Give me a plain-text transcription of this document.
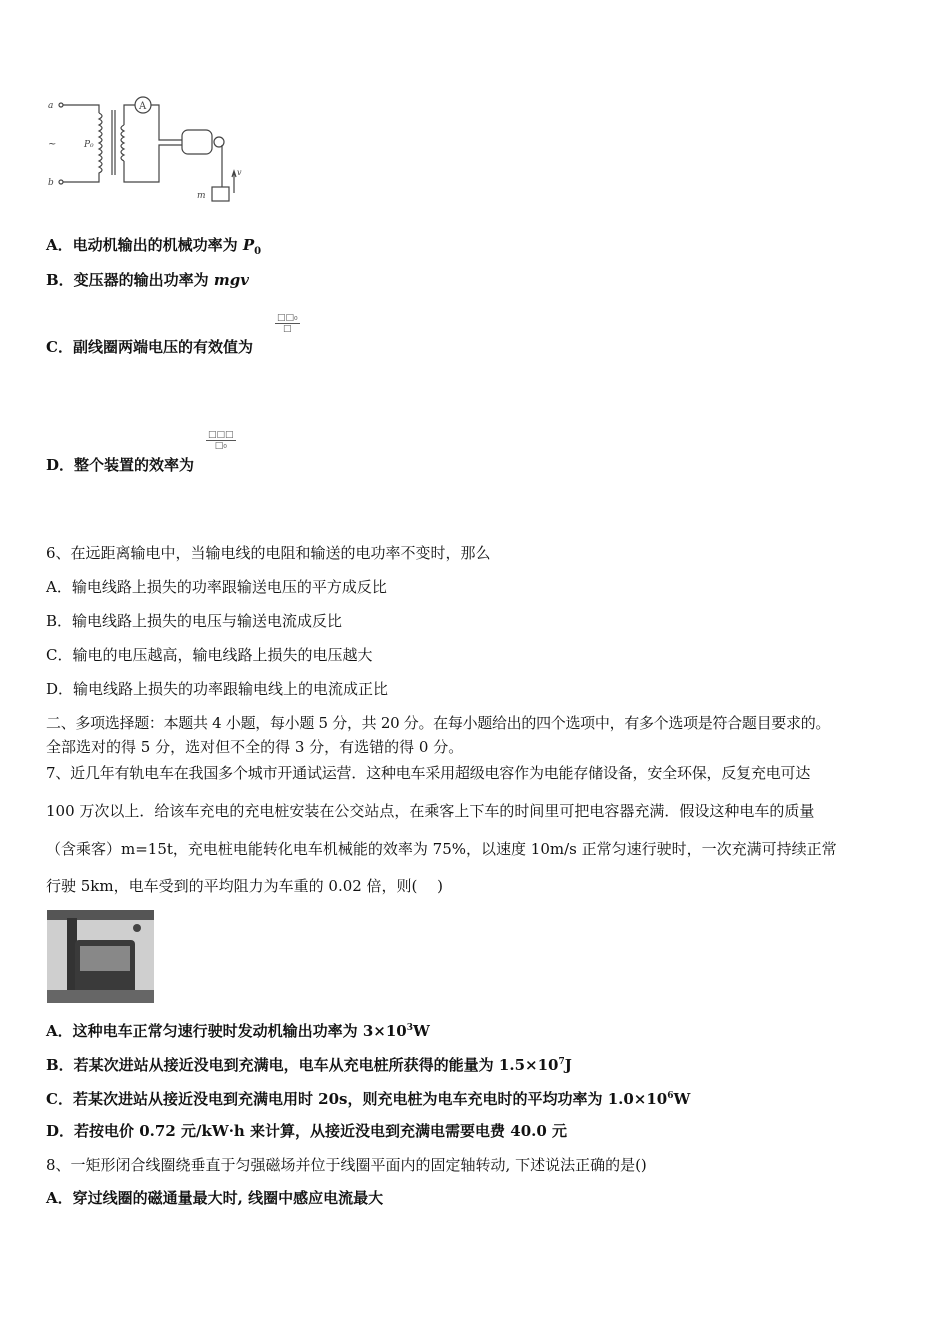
a
~
b
P₀
A
m
v
A．电动机输出的机械功率为 $P_0$
B．变压器的输出功率为 mgv
C．副线圈两端电压的有效值为
□□₀
□
D．整个装置的效率为
□□□
□₀
6、在远距离输电中，当输电线的电阻和输送的电功率不变时，那么
A．输电线路上损失的功率跟输送电压的平方成反比
B．输电线路上损失的电压与输送电流成反比
C．输电的电压越高，输电线路上损失的电压越大
D．输电线路上损失的功率跟输电线上的电流成正比
二、多项选择题：本题共 4 小题，每小题 5 分，共 20 分。在每小题给出的四个选项中，有多个选项是符合题目要求的。
全部选对的得 5 分，选对但不全的得 3 分，有选错的得 0 分。
7、近几年有轨电车在我国多个城市开通试运营．这种电车采用超级电容作为电能存储设备，安全环保，反复充电可达
100 万次以上．给该车充电的充电桩安装在公交站点，在乘客上下车的时间里可把电容器充满．假设这种电车的质量
（含乘客）m=15t，充电桩电能转化电车机械能的效率为 75%，以速度 10m/s 正常匀速行驶时，一次充满可持续正常
行驶 5km，电车受到的平均阻力为车重的 0.02 倍，则(　 )
A．这种电车正常匀速行驶时发动机输出功率为 $3\times 10^3W$
B．若某次进站从接近没电到充满电，电车从充电桩所获得的能量为 $1.5\times 10^7J$
C．若某次进站从接近没电到充满电用时 20s，则充电桩为电车充电时的平均功率为 $1.0\times 10^6W$
D．若按电价 0.72 元/kW·h 来计算，从接近没电到充满电需要电费 40.0 元
8、一矩形闭合线圈绕垂直于匀强磁场并位于线圈平面内的固定轴转动, 下述说法正确的是()
A．穿过线圈的磁通量最大时, 线圈中感应电流最大
